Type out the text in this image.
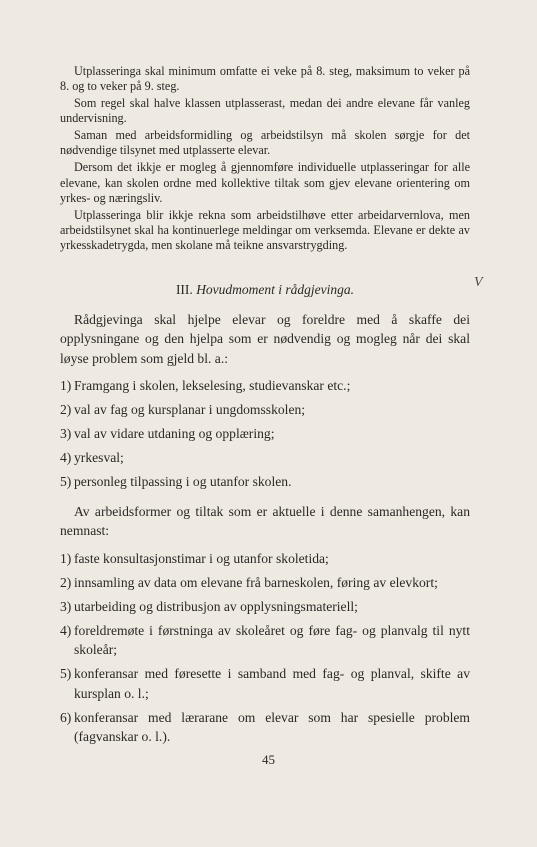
Utplasseringa skal minimum omfatte ei veke på 8. steg, maksimum to veker på 8. og to veker på 9. steg.

Som regel skal halve klassen utplasserast, medan dei andre elevane får vanleg undervisning.

Saman med arbeidsformidling og arbeidstilsyn må skolen sørgje for det nødvendige tilsynet med utplasserte elevar.

Dersom det ikkje er mogleg å gjennomføre individuelle utplasseringar for alle elevane, kan skolen ordne med kollektive tiltak som gjev elevane orientering om yrkes- og næringsliv.

Utplasseringa blir ikkje rekna som arbeidstilhøve etter arbeidarvernlova, men arbeidstilsynet skal ha kontinuerlege meldingar om verksemda. Elevane er dekte av yrkesskadetrygda, men skolane må teikne ansvarstrygding.

III. Hovudmoment i rådgjevinga.

Rådgjevinga skal hjelpe elevar og foreldre med å skaffe dei opplysningane og den hjelpa som er nødvendig og mogleg når dei skal løyse problem som gjeld bl. a.:

1) Framgang i skolen, lekselesing, studievanskar etc.;
2) val av fag og kursplanar i ungdomsskolen;
3) val av vidare utdaning og opplæring;
4) yrkesval;
5) personleg tilpassing i og utanfor skolen.

Av arbeidsformer og tiltak som er aktuelle i denne samanhengen, kan nemnast:

1) faste konsultasjonstimar i og utanfor skoletida;
2) innsamling av data om elevane frå barneskolen, føring av elevkort;
3) utarbeiding og distribusjon av opplysningsmateriell;
4) foreldremøte i førstninga av skoleåret og føre fag- og planvalg til nytt skoleår;
5) konferansar med føresette i samband med fag- og planval, skifte av kursplan o. l.;
6) konferansar med lærarane om elevar som har spesielle problem (fagvanskar o. l.).
V
45
